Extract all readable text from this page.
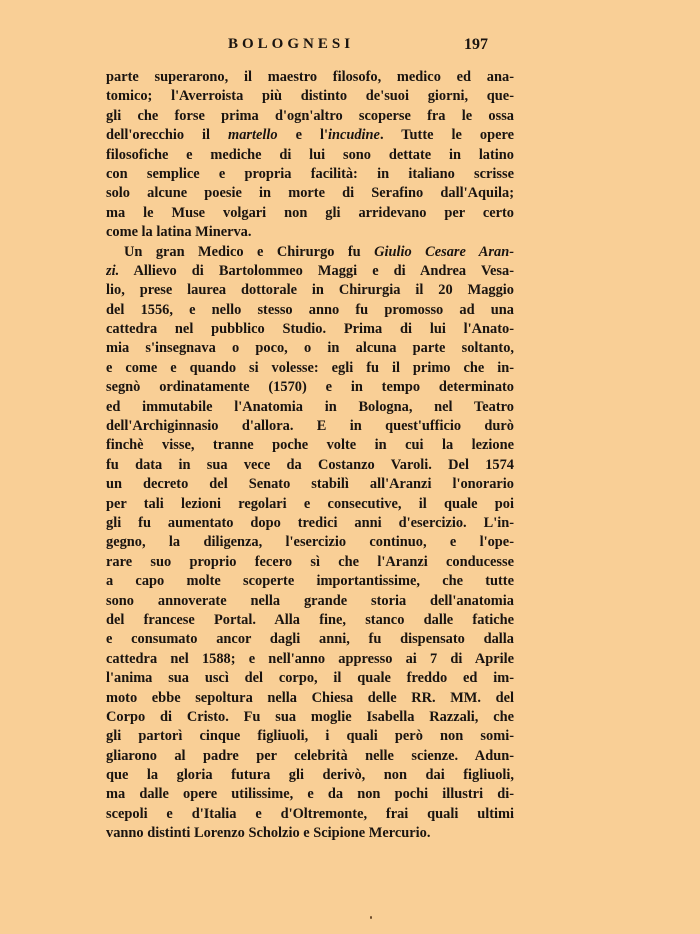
BOLOGNESI	197
parte superarono, il maestro filosofo, medico ed ana-
tomico; l'Averroista più distinto de'suoi giorni, que-
gli che forse prima d'ogn'altro scoperse fra le ossa
dell'orecchio il martello e l'incudine. Tutte le opere
filosofiche e mediche di lui sono dettate in latino
con semplice e propria facilità: in italiano scrisse
solo alcune poesie in morte di Serafino dall'Aquila;
ma le Muse volgari non gli arridevano per certo
come la latina Minerva.
Un gran Medico e Chirurgo fu Giulio Cesare Aran-
zi. Allievo di Bartolommeo Maggi e di Andrea Vesa-
lio, prese laurea dottorale in Chirurgia il 20 Maggio
del 1556, e nello stesso anno fu promosso ad una
cattedra nel pubblico Studio. Prima di lui l'Anato-
mia s'insegnava o poco, o in alcuna parte soltanto,
e come e quando si volesse: egli fu il primo che in-
segnò ordinatamente (1570) e in tempo determinato
ed immutabile l'Anatomia in Bologna, nel Teatro
dell'Archiginnasio d'allora. E in quest'ufficio durò
finchè visse, tranne poche volte in cui la lezione
fu data in sua vece da Costanzo Varoli. Del 1574
un decreto del Senato stabilì all'Aranzi l'onorario
per tali lezioni regolari e consecutive, il quale poi
gli fu aumentato dopo tredici anni d'esercizio. L'in-
gegno, la diligenza, l'esercizio continuo, e l'ope-
rare suo proprio fecero sì che l'Aranzi conducesse
a capo molte scoperte importantissime, che tutte
sono annoverate nella grande storia dell'anatomia
del francese Portal. Alla fine, stanco dalle fatiche
e consumato ancor dagli anni, fu dispensato dalla
cattedra nel 1588; e nell'anno appresso ai 7 di Aprile
l'anima sua uscì del corpo, il quale freddo ed im-
moto ebbe sepoltura nella Chiesa delle RR. MM. del
Corpo di Cristo. Fu sua moglie Isabella Razzali, che
gli partorì cinque figliuoli, i quali però non somi-
gliarono al padre per celebrità nelle scienze. Adun-
que la gloria futura gli derivò, non dai figliuoli,
ma dalle opere utilissime, e da non pochi illustri di-
scepoli e d'Italia e d'Oltremonte, frai quali ultimi
vanno distinti Lorenzo Scholzio e Scipione Mercurio.
